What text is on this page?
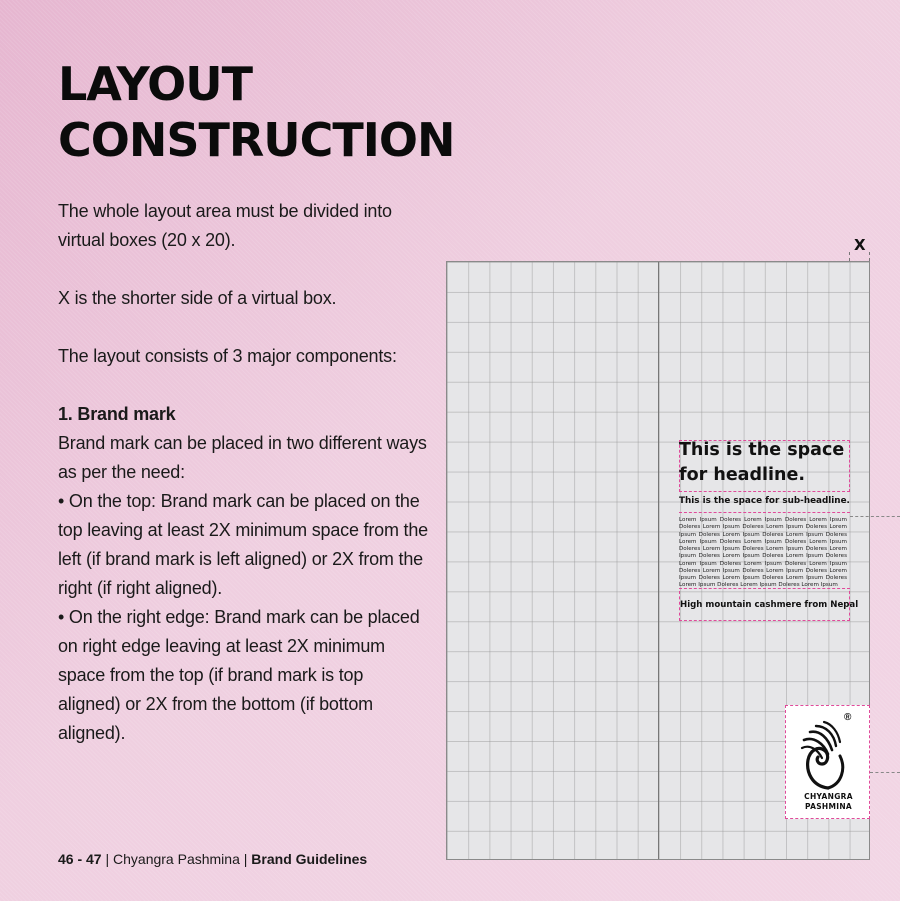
LAYOUT
CONSTRUCTION

The whole layout area must be divided into virtual boxes (20 x 20).

X is the shorter side of a virtual box.

The layout consists of 3 major components:

1. Brand mark

Brand mark can be placed in two different ways as per the need:

• On the top: Brand mark can be placed on the top leaving at least 2X minimum space from the left (if brand mark is left aligned) or 2X from the right (if right aligned).

• On the right edge: Brand mark can be placed on right edge leaving at least 2X minimum space from the top (if brand mark is top aligned) or 2X from the bottom (if bottom aligned).

46 - 47 | Chyangra Pashmina | Brand Guidelines
X
This is the space
for headline.
This is the space for sub-headline.
Lorem Ipsum Doleres Lorem Ipsum Doleres Lorem Ipsum Doleres Lorem Ipsum Doleres Lorem Ipsum Doleres Lorem Ipsum Doleres Lorem Ipsum Doleres Lorem Ipsum Doleres Lorem Ipsum Doleres Lorem Ipsum Doleres Lorem Ipsum Doleres Lorem Ipsum Doleres Lorem Ipsum Doleres Lorem Ipsum Doleres Lorem Ipsum Doleres Lorem Ipsum Doleres Lorem Ipsum Doleres Lorem Ipsum Doleres Lorem Ipsum Doleres Lorem Ipsum Doleres Lorem Ipsum Doleres Lorem Ipsum Doleres Lorem Ipsum Doleres Lorem Ipsum Doleres Lorem Ipsum Doleres Lorem Ipsum Doleres Lorem Ipsum
High mountain cashmere from Nepal
®
CHYANGRA
PASHMINA
